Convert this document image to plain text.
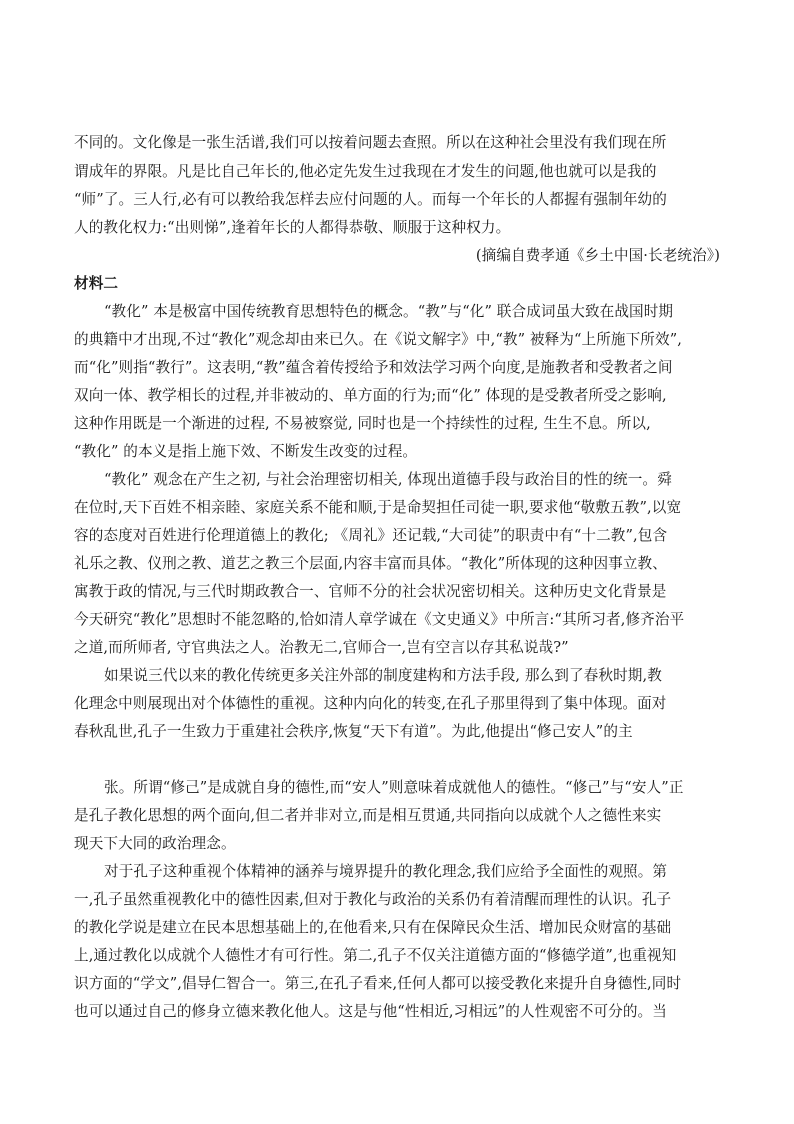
不同的。文化像是一张生活谱,我们可以按着问题去查照。所以在这种社会里没有我们现在所
谓成年的界限。凡是比自己年长的,他必定先发生过我现在才发生的问题,他也就可以是我的
“师”了。三人行,必有可以教给我怎样去应付问题的人。而每一个年长的人都握有强制年幼的
人的教化权力:“出则悌”,逢着年长的人都得恭敬、顺服于这种权力。
(摘编自费孝通《乡土中国·长老统治》)
材料二
“教化” 本是极富中国传统教育思想特色的概念。“教”与“化” 联合成词虽大致在战国时期
的典籍中才出现,不过“教化”观念却由来已久。在《说文解字》中,“教” 被释为“上所施下所效”,
而“化”则指“教行”。这表明,“教”蕴含着传授给予和效法学习两个向度,是施教者和受教者之间
双向一体、教学相长的过程,并非被动的、单方面的行为;而“化” 体现的是受教者所受之影响,
这种作用既是一个渐进的过程, 不易被察觉, 同时也是一个持续性的过程, 生生不息。所以,
“教化” 的本义是指上施下效、不断发生改变的过程。
“教化” 观念在产生之初, 与社会治理密切相关, 体现出道德手段与政治目的性的统一。舜
在位时,天下百姓不相亲睦、家庭关系不能和顺,于是命契担任司徒一职,要求他“敬敷五教”,以宽
容的态度对百姓进行伦理道德上的教化; 《周礼》还记载,“大司徒”的职责中有“十二教”,包含
礼乐之教、仪刑之教、道艺之教三个层面,内容丰富而具体。“教化”所体现的这种因事立教、
寓教于政的情况,与三代时期政教合一、官师不分的社会状况密切相关。这种历史文化背景是
今天研究“教化”思想时不能忽略的,恰如清人章学诚在《文史通义》中所言:“其所习者,修齐治平
之道,而所师者, 守官典法之人。治教无二,官师合一,岂有空言以存其私说哉?”
如果说三代以来的教化传统更多关注外部的制度建构和方法手段, 那么到了春秋时期,教
化理念中则展现出对个体德性的重视。这种内向化的转变,在孔子那里得到了集中体现。面对
春秋乱世,孔子一生致力于重建社会秩序,恢复“天下有道”。为此,他提出“修己安人”的主
张。所谓“修己”是成就自身的德性,而“安人”则意味着成就他人的德性。“修己”与“安人”正
是孔子教化思想的两个面向,但二者并非对立,而是相互贯通,共同指向以成就个人之德性来实
现天下大同的政治理念。
对于孔子这种重视个体精神的涵养与境界提升的教化理念,我们应给予全面性的观照。第
一,孔子虽然重视教化中的德性因素,但对于教化与政治的关系仍有着清醒而理性的认识。孔子
的教化学说是建立在民本思想基础上的,在他看来,只有在保障民众生活、增加民众财富的基础
上,通过教化以成就个人德性才有可行性。第二,孔子不仅关注道德方面的“修德学道”,也重视知
识方面的“学文”,倡导仁智合一。第三,在孔子看来,任何人都可以接受教化来提升自身德性,同时
也可以通过自己的修身立德来教化他人。这是与他“性相近,习相远”的人性观密不可分的。当
